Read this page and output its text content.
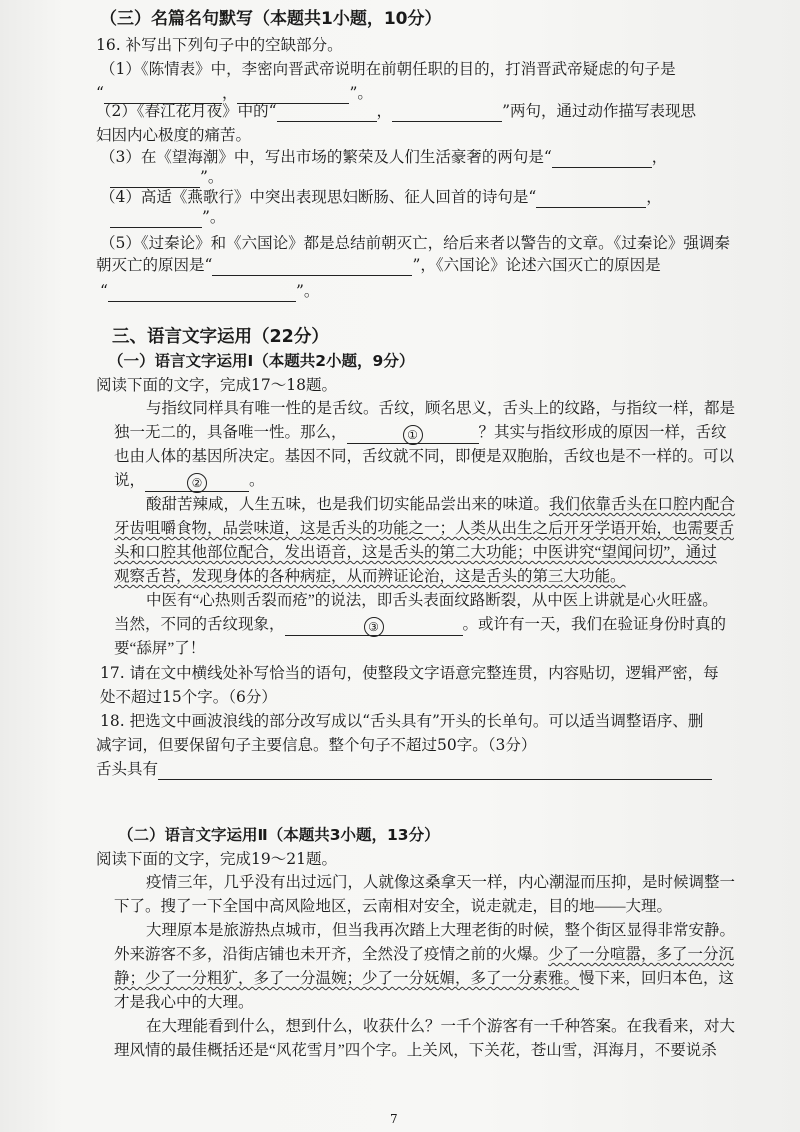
（三）名篇名句默写（本题共1小题，10分）
16. 补写出下列句子中的空缺部分。
（1）《陈情表》中，李密向晋武帝说明在前朝任职的目的，打消晋武帝疑虑的句子是
“	，	”。
（2）《春江花月夜》中的“	，	”两句，通过动作描写表现思
妇因内心极度的痛苦。
（3）在《望海潮》中，写出市场的繁荣及人们生活豪奢的两句是“	，
”。
（4）高适《燕歌行》中突出表现思妇断肠、征人回首的诗句是“	，
”。
（5）《过秦论》和《六国论》都是总结前朝灭亡，给后来者以警告的文章。《过秦论》强调秦
朝灭亡的原因是“	”，《六国论》论述六国灭亡的原因是
“	”。
三、语言文字运用（22分）
（一）语言文字运用Ⅰ（本题共2小题，9分）
阅读下面的文字，完成17～18题。
与指纹同样具有唯一性的是舌纹。舌纹，顾名思义，舌头上的纹路，与指纹一样，都是
独一无二的，具备唯一性。那么，	①	？其实与指纹形成的原因一样，舌纹
也由人体的基因所决定。基因不同，舌纹就不同，即便是双胞胎，舌纹也是不一样的。可以
说，	②	。
酸甜苦辣咸，人生五味，也是我们切实能品尝出来的味道。我们依靠舌头在口腔内配合
牙齿咀嚼食物，品尝味道，这是舌头的功能之一；人类从出生之后开牙学语开始，也需要舌
头和口腔其他部位配合，发出语音，这是舌头的第二大功能；中医讲究“望闻问切”，通过
观察舌苔，发现身体的各种病症，从而辨证论治，这是舌头的第三大功能。
中医有“心热则舌裂而疮”的说法，即舌头表面纹路断裂，从中医上讲就是心火旺盛。
当然，不同的舌纹现象，	③	。或许有一天，我们在验证身份时真的
要“舔屏”了！
17. 请在文中横线处补写恰当的语句，使整段文字语意完整连贯，内容贴切，逻辑严密，每
处不超过15个字。（6分）
18. 把选文中画波浪线的部分改写成以“舌头具有”开头的长单句。可以适当调整语序、删
减字词，但要保留句子主要信息。整个句子不超过50字。（3分）
舌头具有
（二）语言文字运用Ⅱ（本题共3小题，13分）
阅读下面的文字，完成19～21题。
疫情三年，几乎没有出过远门，人就像这桑拿天一样，内心潮湿而压抑，是时候调整一
下了。搜了一下全国中高风险地区，云南相对安全，说走就走，目的地——大理。
大理原本是旅游热点城市，但当我再次踏上大理老街的时候，整个街区显得非常安静。
外来游客不多，沿街店铺也未开齐，全然没了疫情之前的火爆。少了一分喧嚣，多了一分沉
静；少了一分粗犷，多了一分温婉；少了一分妩媚，多了一分素雅。慢下来，回归本色，这
才是我心中的大理。
在大理能看到什么，想到什么，收获什么？一千个游客有一千种答案。在我看来，对大
理风情的最佳概括还是“风花雪月”四个字。上关风，下关花，苍山雪，洱海月，不要说杀
7
